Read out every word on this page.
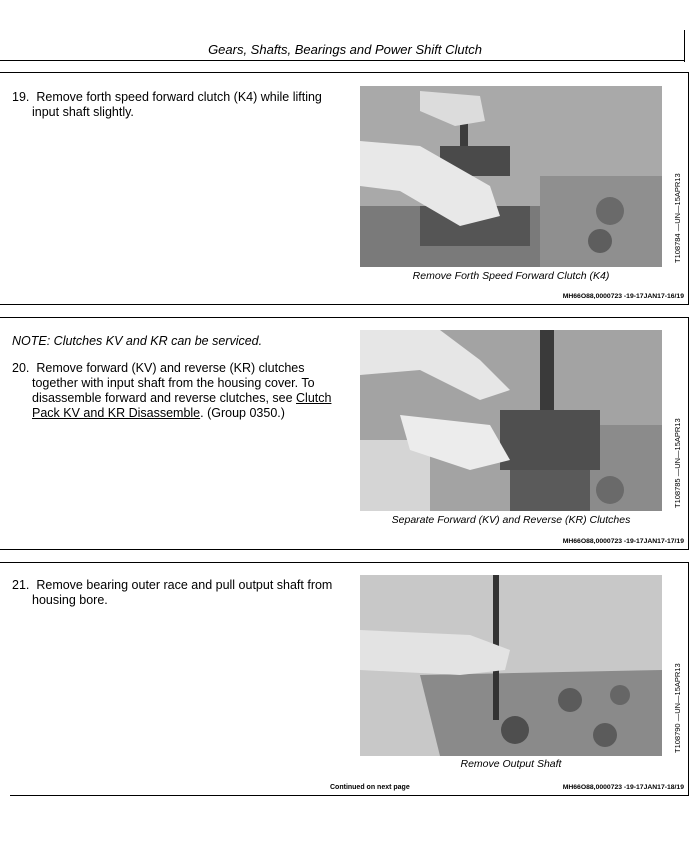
Gears, Shafts, Bearings and Power Shift Clutch
19. Remove forth speed forward clutch (K4) while lifting input shaft slightly.
Remove Forth Speed Forward Clutch (K4)
T108784 —UN—15APR13
MH66O88,0000723 -19-17JAN17-16/19
NOTE: Clutches KV and KR can be serviced.
20. Remove forward (KV) and reverse (KR) clutches together with input shaft from the housing cover. To disassemble forward and reverse clutches, see Clutch Pack KV and KR Disassemble. (Group 0350.)
Separate Forward (KV) and Reverse (KR) Clutches
T108785 —UN—15APR13
MH66O88,0000723 -19-17JAN17-17/19
21. Remove bearing outer race and pull output shaft from housing bore.
Remove Output Shaft
T108790 —UN—15APR13
Continued on next page	MH66O88,0000723 -19-17JAN17-18/19
